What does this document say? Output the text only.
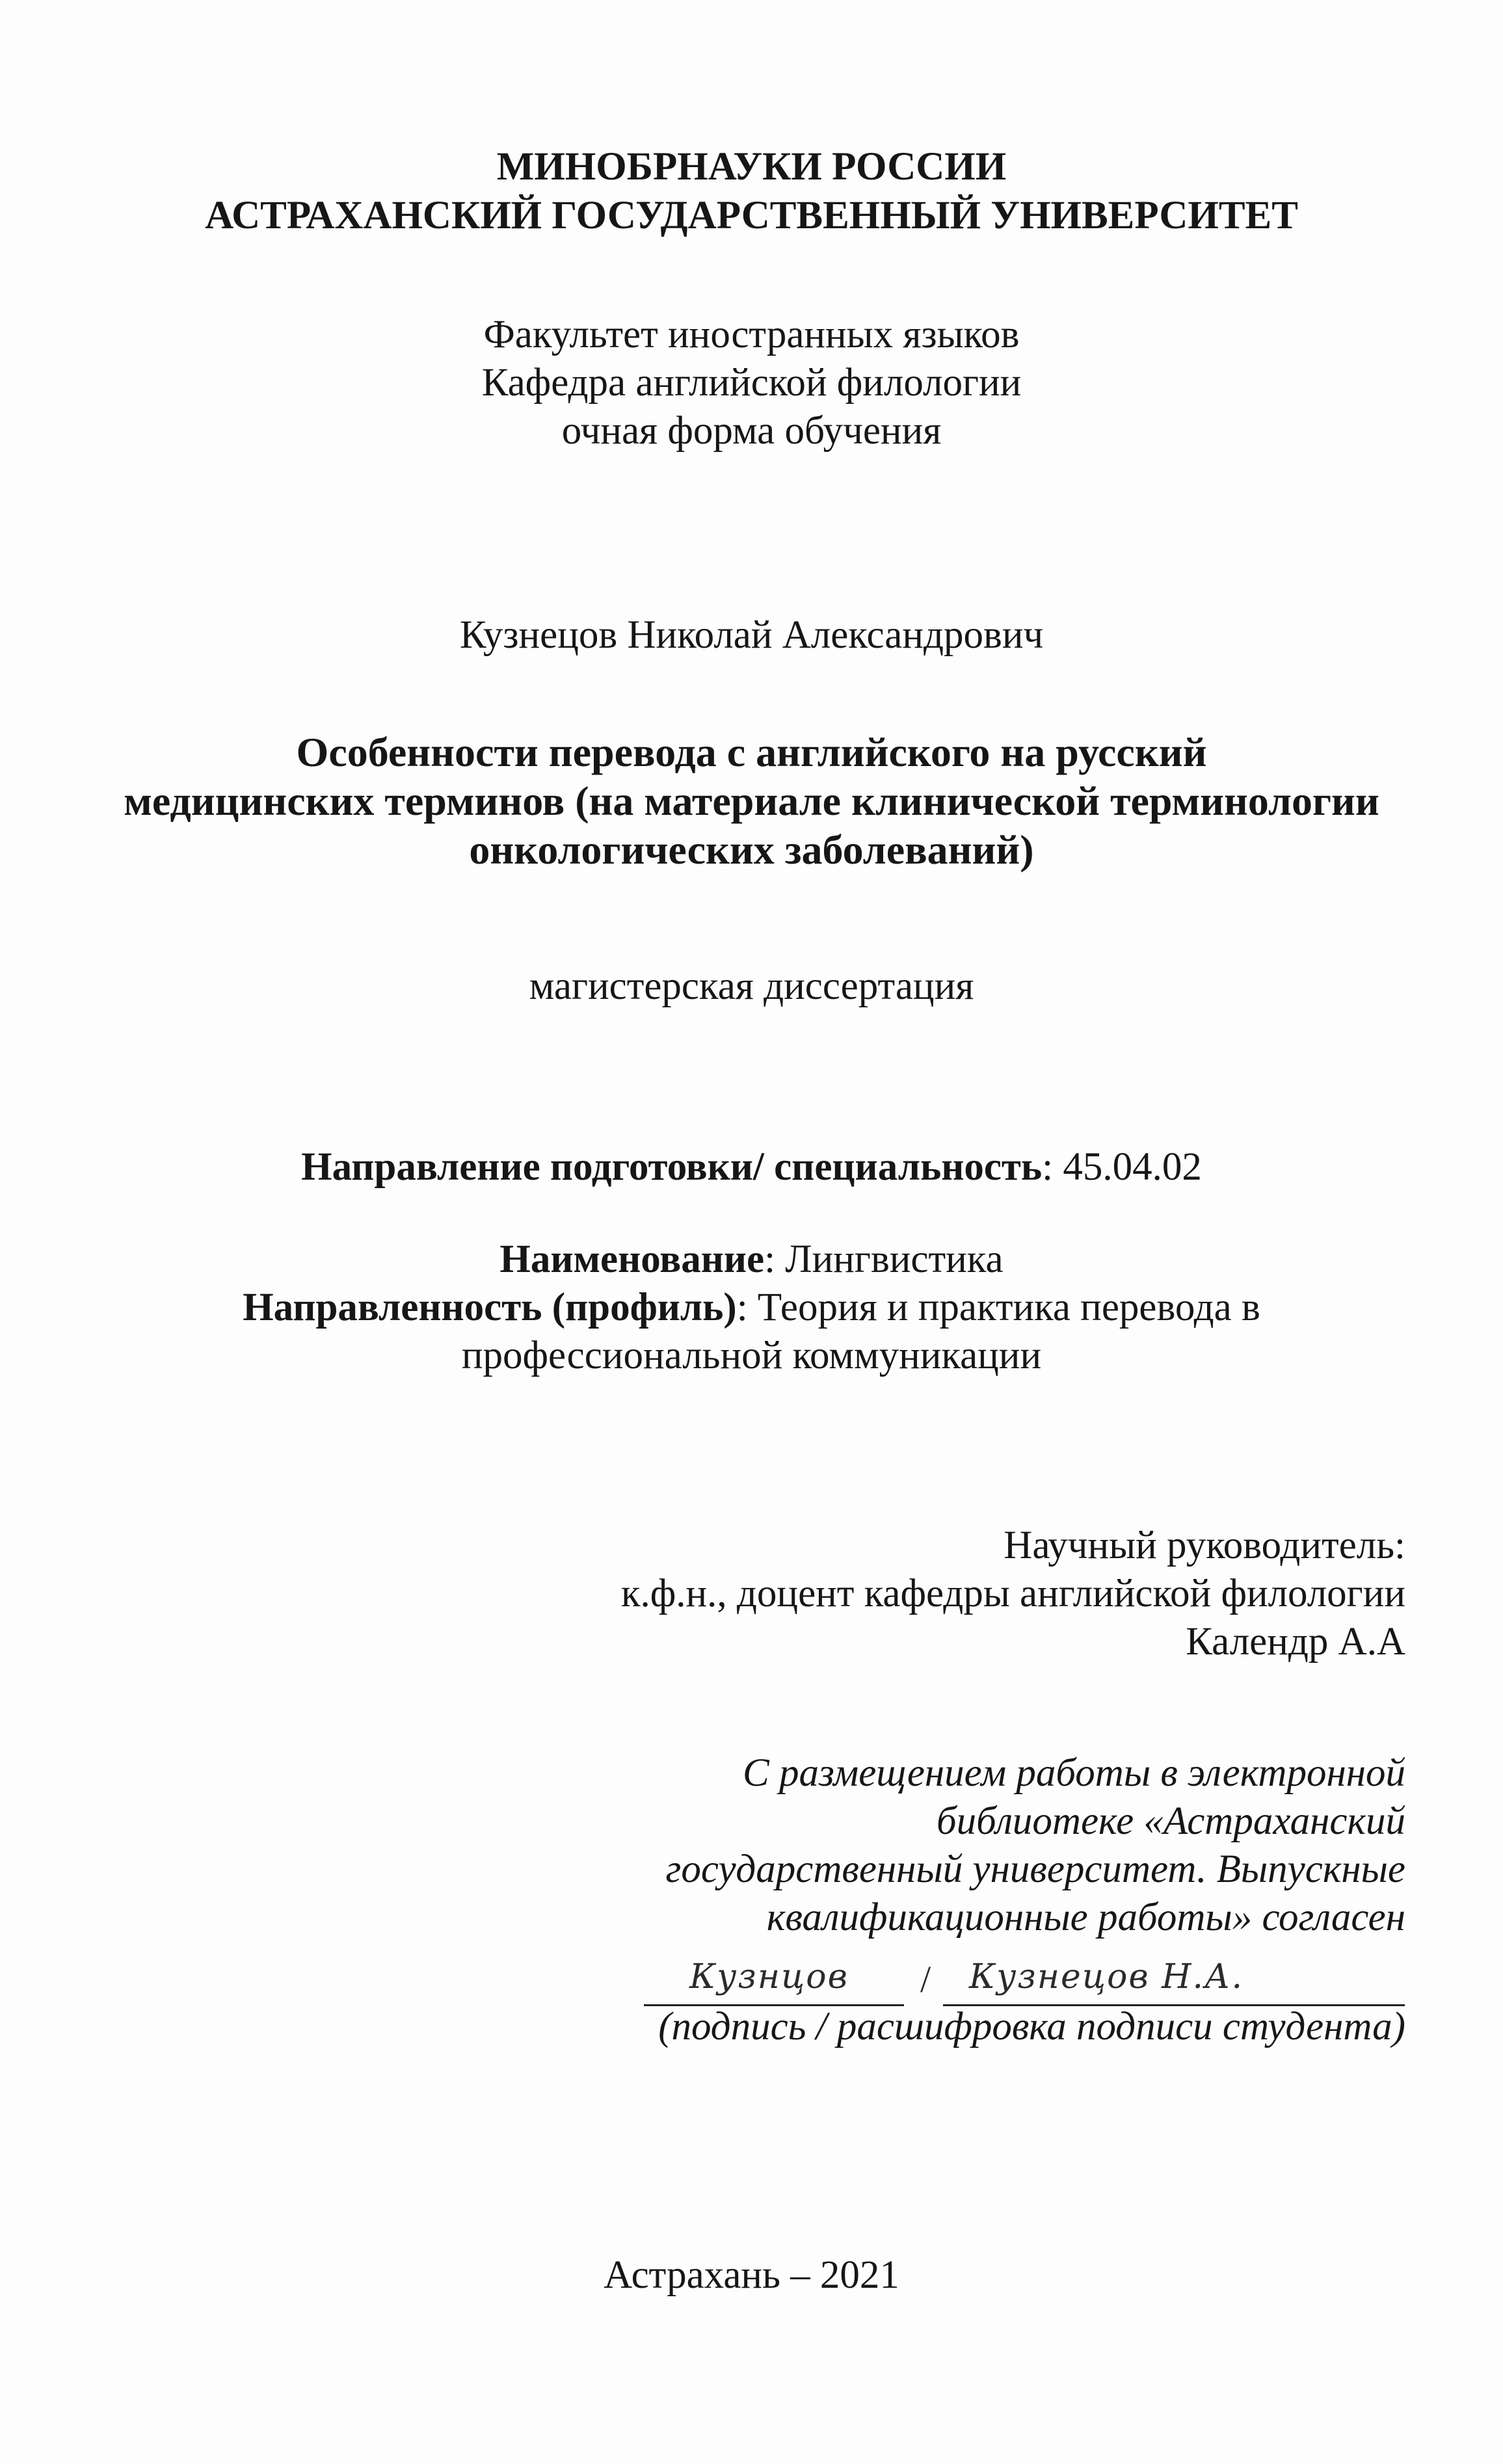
МИНОБРНАУКИ РОССИИ
АСТРАХАНСКИЙ ГОСУДАРСТВЕННЫЙ УНИВЕРСИТЕТ
Факультет иностранных языков
Кафедра английской филологии
очная форма обучения
Кузнецов Николай Александрович
Особенности перевода с английского на русский
медицинских терминов (на материале клинической терминологии
онкологических заболеваний)
магистерская диссертация
Направление подготовки/ специальность: 45.04.02
Наименование: Лингвистика
Направленность (профиль): Теория и практика перевода в
профессиональной коммуникации
Научный руководитель:
к.ф.н., доцент кафедры английской филологии
Календр А.А
С размещением работы в электронной
библиотеке «Астраханский
государственный университет. Выпускные
квалификационные работы» согласен
Кузнцов / Кузнецов Н.А.
(подпись / расшифровка подписи студента)
Астрахань – 2021
